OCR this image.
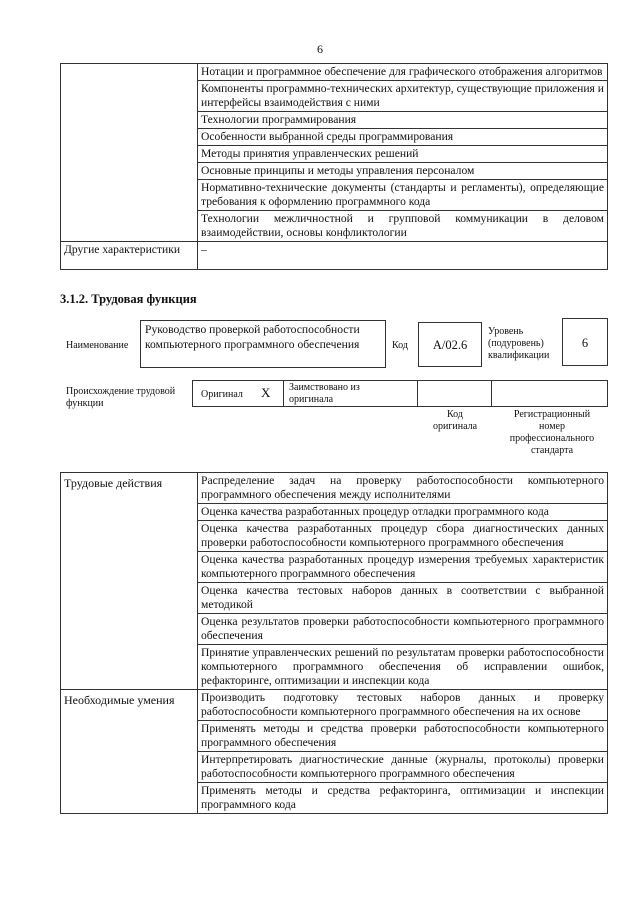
6
	Нотации и программное обеспечение для графического отображения алгоритмов
	Компоненты программно-технических архитектур, существующие приложения и интерфейсы взаимодействия с ними
	Технологии программирования
	Особенности выбранной среды программирования
	Методы принятия управленческих решений
	Основные принципы и методы управления персоналом
	Нормативно-технические документы (стандарты и регламенты), определяющие требования к оформлению программного кода
	Технологии межличностной и групповой коммуникации в деловом взаимодействии, основы конфликтологии
Другие характеристики	–
3.1.2. Трудовая функция
Наименование
Руководство проверкой работоспособности компьютерного программного обеспечения	Код	А/02.6
Уровень (подуровень) квалификации
6
Происхождение трудовой функции
Оригинал X Заимствовано из оригинала
Код оригинала
Регистрационный номер профессионального стандарта
Трудовые действия	Распределение задач на проверку работоспособности компьютерного программного обеспечения между исполнителями
	Оценка качества разработанных процедур отладки программного кода
	Оценка качества разработанных процедур сбора диагностических данных проверки работоспособности компьютерного программного обеспечения
	Оценка качества разработанных процедур измерения требуемых характеристик компьютерного программного обеспечения
	Оценка качества тестовых наборов данных в соответствии с выбранной методикой
	Оценка результатов проверки работоспособности компьютерного программного обеспечения
	Принятие управленческих решений по результатам проверки работоспособности компьютерного программного обеспечения об исправлении ошибок, рефакторинге, оптимизации и инспекции кода
Необходимые умения	Производить подготовку тестовых наборов данных и проверку работоспособности компьютерного программного обеспечения на их основе
	Применять методы и средства проверки работоспособности компьютерного программного обеспечения
	Интерпретировать диагностические данные (журналы, протоколы) проверки работоспособности компьютерного программного обеспечения
	Применять методы и средства рефакторинга, оптимизации и инспекции программного кода
